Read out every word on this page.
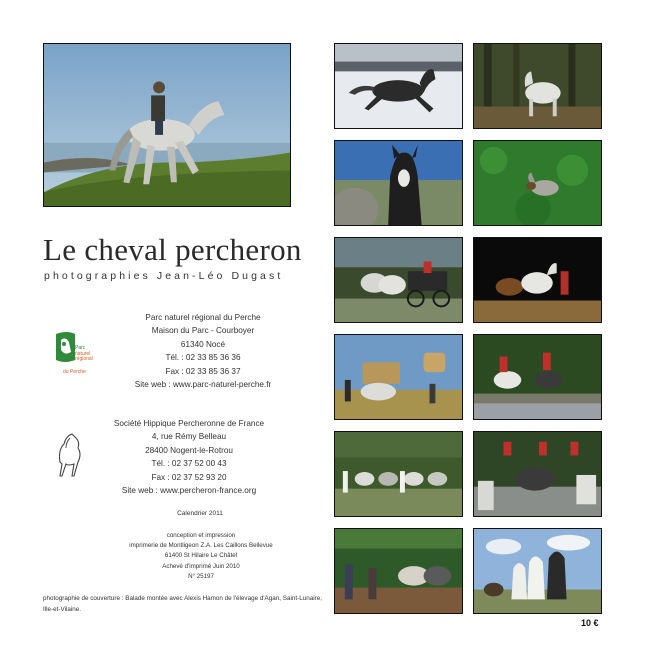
Le cheval percheron
photographies Jean-Léo Dugast
Parc
naturel
régional
du Perche
Parc naturel régional du Perche
Maison du Parc - Courboyer
61340 Nocé
Tél. : 02 33 85 36 36
Fax : 02 33 85 36 37
Site web : www.parc-naturel-perche.fr
Société Hippique Percheronne de France
4, rue Rémy Belleau
28400 Nogent-le-Rotrou
Tél. : 02 37 52 00 43
Fax : 02 37 52 93 20
Site web : www.percheron-france.org
Calendrier 2011
conception et impression
imprimerie de Montligeon Z.A. Les Caillons Bellevue
61400 St Hilaire Le Châtel
Achevé d'imprimé Juin 2010
N° 25197
photographie de couverture : Balade montée avec Alexis Hamon de l'élevage d'Agan, Saint-Lunaire, Ille-et-Vilaine.
10 €
